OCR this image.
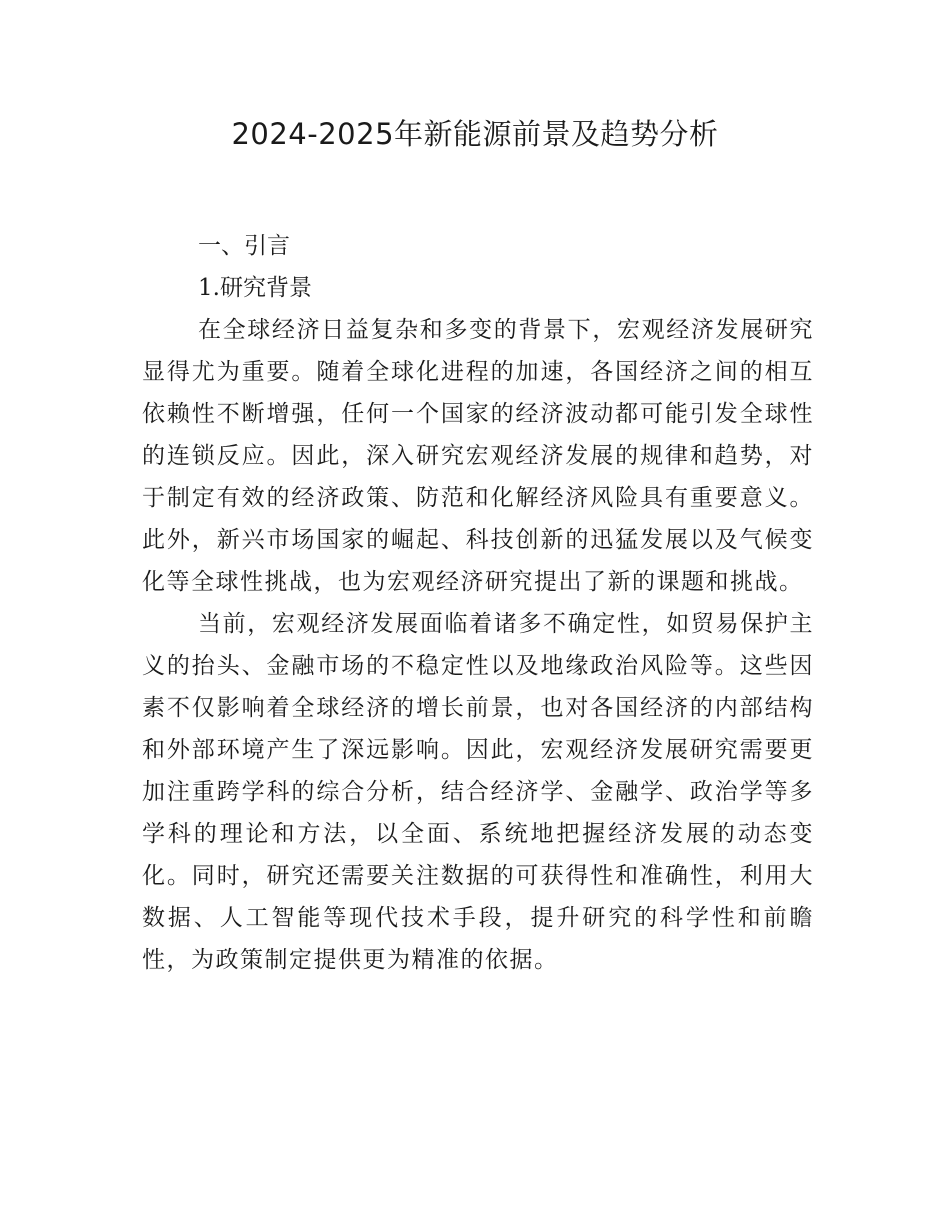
2024-2025年新能源前景及趋势分析
一、引言
1.研究背景

在全球经济日益复杂和多变的背景下，宏观经济发展研究显得尤为重要。随着全球化进程的加速，各国经济之间的相互依赖性不断增强，任何一个国家的经济波动都可能引发全球性的连锁反应。因此，深入研究宏观经济发展的规律和趋势，对于制定有效的经济政策、防范和化解经济风险具有重要意义。此外，新兴市场国家的崛起、科技创新的迅猛发展以及气候变化等全球性挑战，也为宏观经济研究提出了新的课题和挑战。

当前，宏观经济发展面临着诸多不确定性，如贸易保护主义的抬头、金融市场的不稳定性以及地缘政治风险等。这些因素不仅影响着全球经济的增长前景，也对各国经济的内部结构和外部环境产生了深远影响。因此，宏观经济发展研究需要更加注重跨学科的综合分析，结合经济学、金融学、政治学等多学科的理论和方法，以全面、系统地把握经济发展的动态变化。同时，研究还需要关注数据的可获得性和准确性，利用大数据、人工智能等现代技术手段，提升研究的科学性和前瞻性，为政策制定提供更为精准的依据。
